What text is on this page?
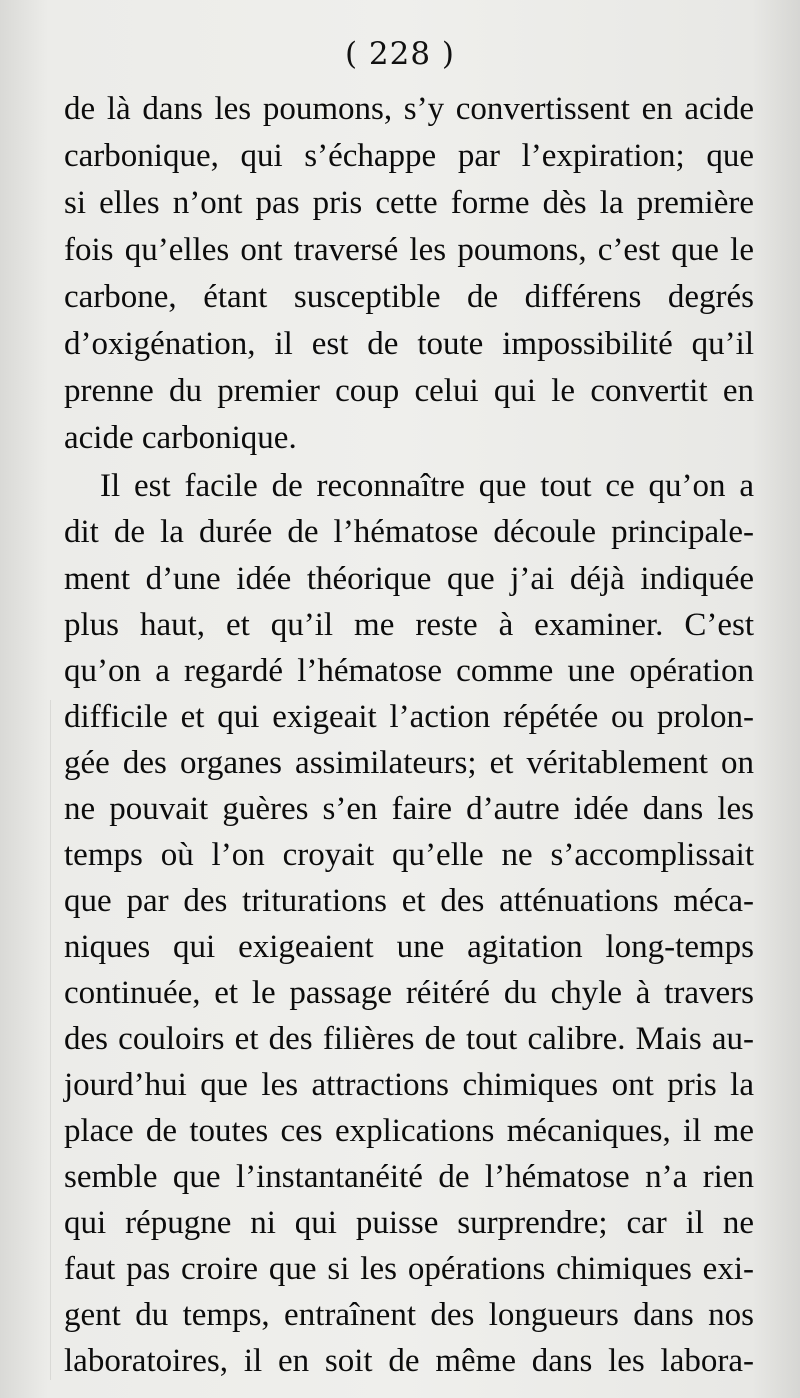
( 228 )
de là dans les poumons, s’y convertissent en acide
carbonique, qui s’échappe par l’expiration; que
si elles n’ont pas pris cette forme dès la première
fois qu’elles ont traversé les poumons, c’est que le
carbone, étant susceptible de différens degrés
d’oxigénation, il est de toute impossibilité qu’il
prenne du premier coup celui qui le convertit en
acide carbonique.
Il est facile de reconnaître que tout ce qu’on a
dit de la durée de l’hématose découle principale-
ment d’une idée théorique que j’ai déjà indiquée
plus haut, et qu’il me reste à examiner. C’est
qu’on a regardé l’hématose comme une opération
difficile et qui exigeait l’action répétée ou prolon-
gée des organes assimilateurs; et véritablement on
ne pouvait guères s’en faire d’autre idée dans les
temps où l’on croyait qu’elle ne s’accomplissait
que par des triturations et des atténuations méca-
niques qui exigeaient une agitation long-temps
continuée, et le passage réitéré du chyle à travers
des couloirs et des filières de tout calibre. Mais au-
jourd’hui que les attractions chimiques ont pris la
place de toutes ces explications mécaniques, il me
semble que l’instantanéité de l’hématose n’a rien
qui répugne ni qui puisse surprendre; car il ne
faut pas croire que si les opérations chimiques exi-
gent du temps, entraînent des longueurs dans nos
laboratoires, il en soit de même dans les labora-
